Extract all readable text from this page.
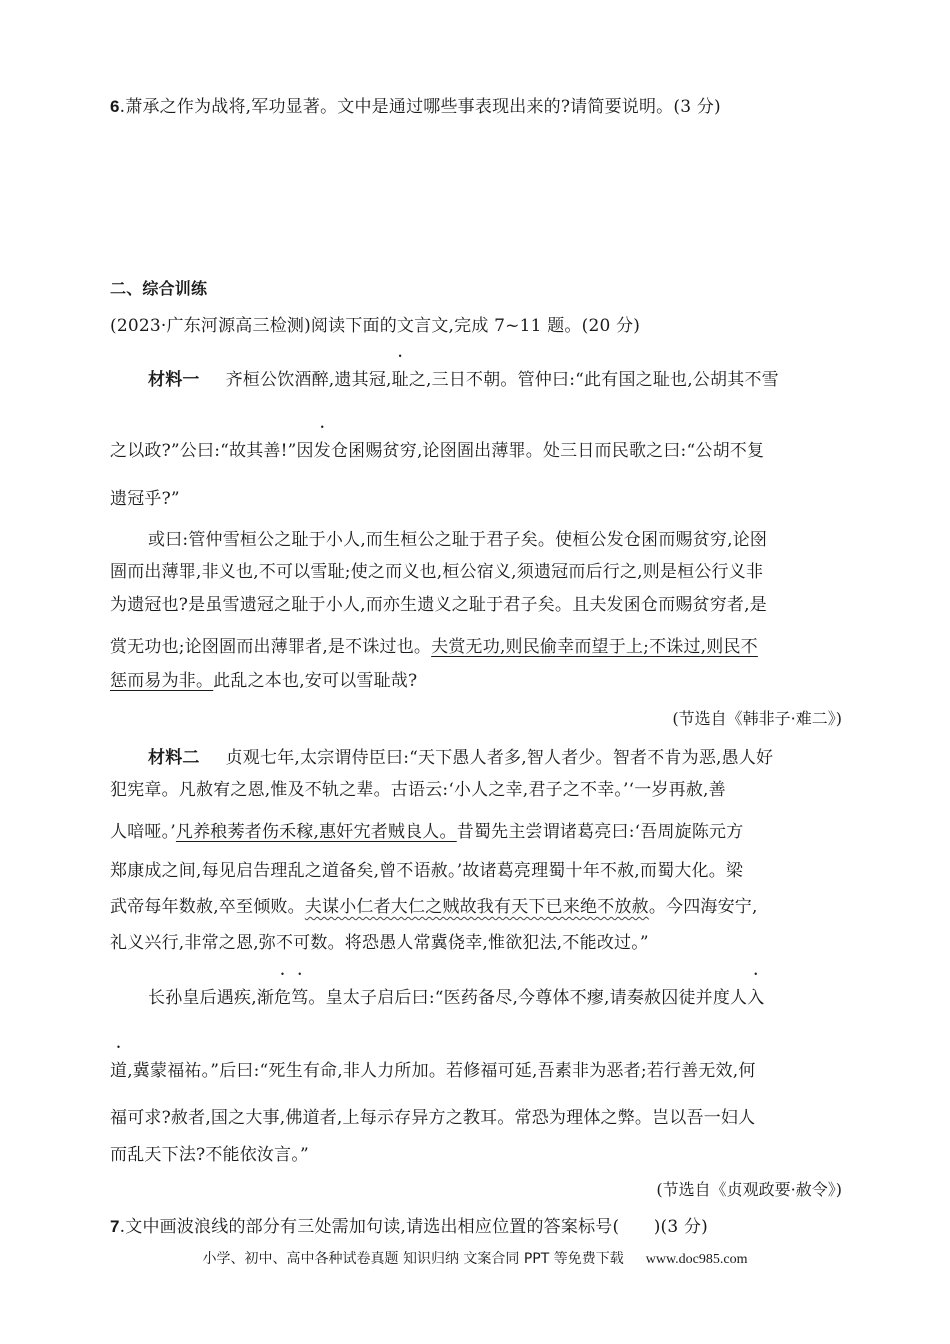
6.萧承之作为战将,军功显著。文中是通过哪些事表现出来的?请简要说明。(3 分)
二、综合训练
(2023·广东河源高三检测)阅读下面的文言文,完成 7~11 题。(20 分)
材料一 齐桓公饮酒醉,遗其冠,耻之,三日不朝。管仲曰:“此有国之耻也,公胡其不雪
之以政?”公曰:“故其善!”因发仓囷赐贫穷,论囹圄出薄罪。处三日而民歌之曰:“公胡不复
遗冠乎?”
或曰:管仲雪桓公之耻于小人,而生桓公之耻于君子矣。使桓公发仓囷而赐贫穷,论囹
圄而出薄罪,非义也,不可以雪耻;使之而义也,桓公宿义,须遗冠而后行之,则是桓公行义非
为遗冠也?是虽雪遗冠之耻于小人,而亦生遗义之耻于君子矣。且夫发囷仓而赐贫穷者,是
赏无功也;论囹圄而出薄罪者,是不诛过也。夫赏无功,则民偷幸而望于上;不诛过,则民不
惩而易为非。此乱之本也,安可以雪耻哉?
(节选自《韩非子·难二》)
材料二 贞观七年,太宗谓侍臣曰:“天下愚人者多,智人者少。智者不肯为恶,愚人好
犯宪章。凡赦宥之恩,惟及不轨之辈。古语云:‘小人之幸,君子之不幸。’‘一岁再赦,善
人喑哑。’凡养稂莠者伤禾稼,惠奸宄者贼良人。昔蜀先主尝谓诸葛亮曰:‘吾周旋陈元方
郑康成之间,每见启告理乱之道备矣,曾不语赦。’故诸葛亮理蜀十年不赦,而蜀大化。梁
武帝每年数赦,卒至倾败。夫谋小仁者大仁之贼故我有天下已来绝不放赦。今四海安宁,
礼义兴行,非常之恩,弥不可数。将恐愚人常冀侥幸,惟欲犯法,不能改过。”
长孙皇后遇疾,渐危笃。皇太子启后曰:“医药备尽,今尊体不瘳,请奏赦囚徒并度人入
道,冀蒙福祐。”后曰:“死生有命,非人力所加。若修福可延,吾素非为恶者;若行善无效,何
福可求?赦者,国之大事,佛道者,上每示存异方之教耳。常恐为理体之弊。岂以吾一妇人
而乱天下法?不能依汝言。”
(节选自《贞观政要·赦令》)
7.文中画波浪线的部分有三处需加句读,请选出相应位置的答案标号(　　)(3 分)
小学、初中、高中各种试卷真题 知识归纳 文案合同 PPT 等免费下载 www.doc985.com
